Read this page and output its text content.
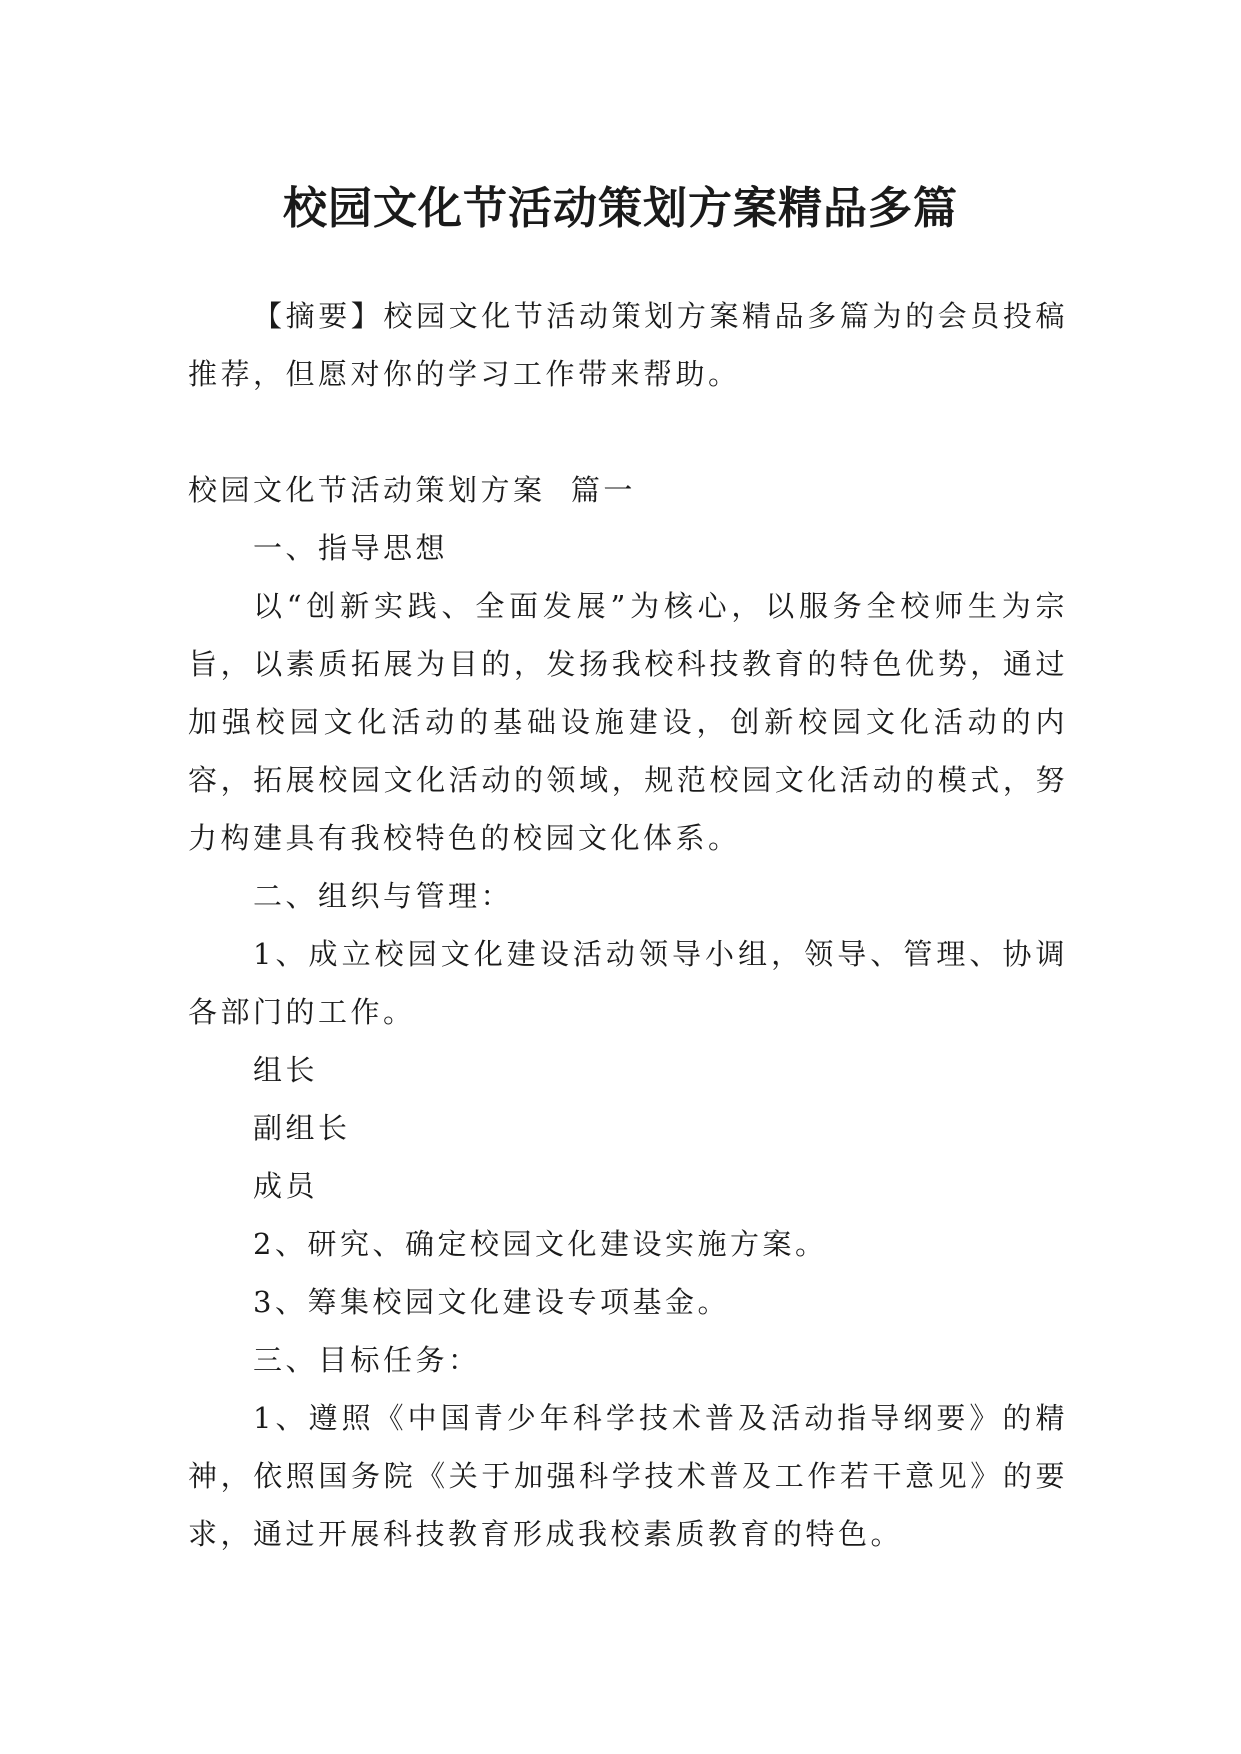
校园文化节活动策划方案精品多篇

【摘要】校园文化节活动策划方案精品多篇为的会员投稿推荐，但愿对你的学习工作带来帮助。

校园文化节活动策划方案  篇一

一、指导思想

以“创新实践、全面发展”为核心，以服务全校师生为宗旨，以素质拓展为目的，发扬我校科技教育的特色优势，通过加强校园文化活动的基础设施建设，创新校园文化活动的内容，拓展校园文化活动的领域，规范校园文化活动的模式，努力构建具有我校特色的校园文化体系。

二、组织与管理：

1、成立校园文化建设活动领导小组，领导、管理、协调各部门的工作。

组长

副组长

成员

2、研究、确定校园文化建设实施方案。

3、筹集校园文化建设专项基金。

三、目标任务：

1、遵照《中国青少年科学技术普及活动指导纲要》的精神，依照国务院《关于加强科学技术普及工作若干意见》的要求，通过开展科技教育形成我校素质教育的特色。
